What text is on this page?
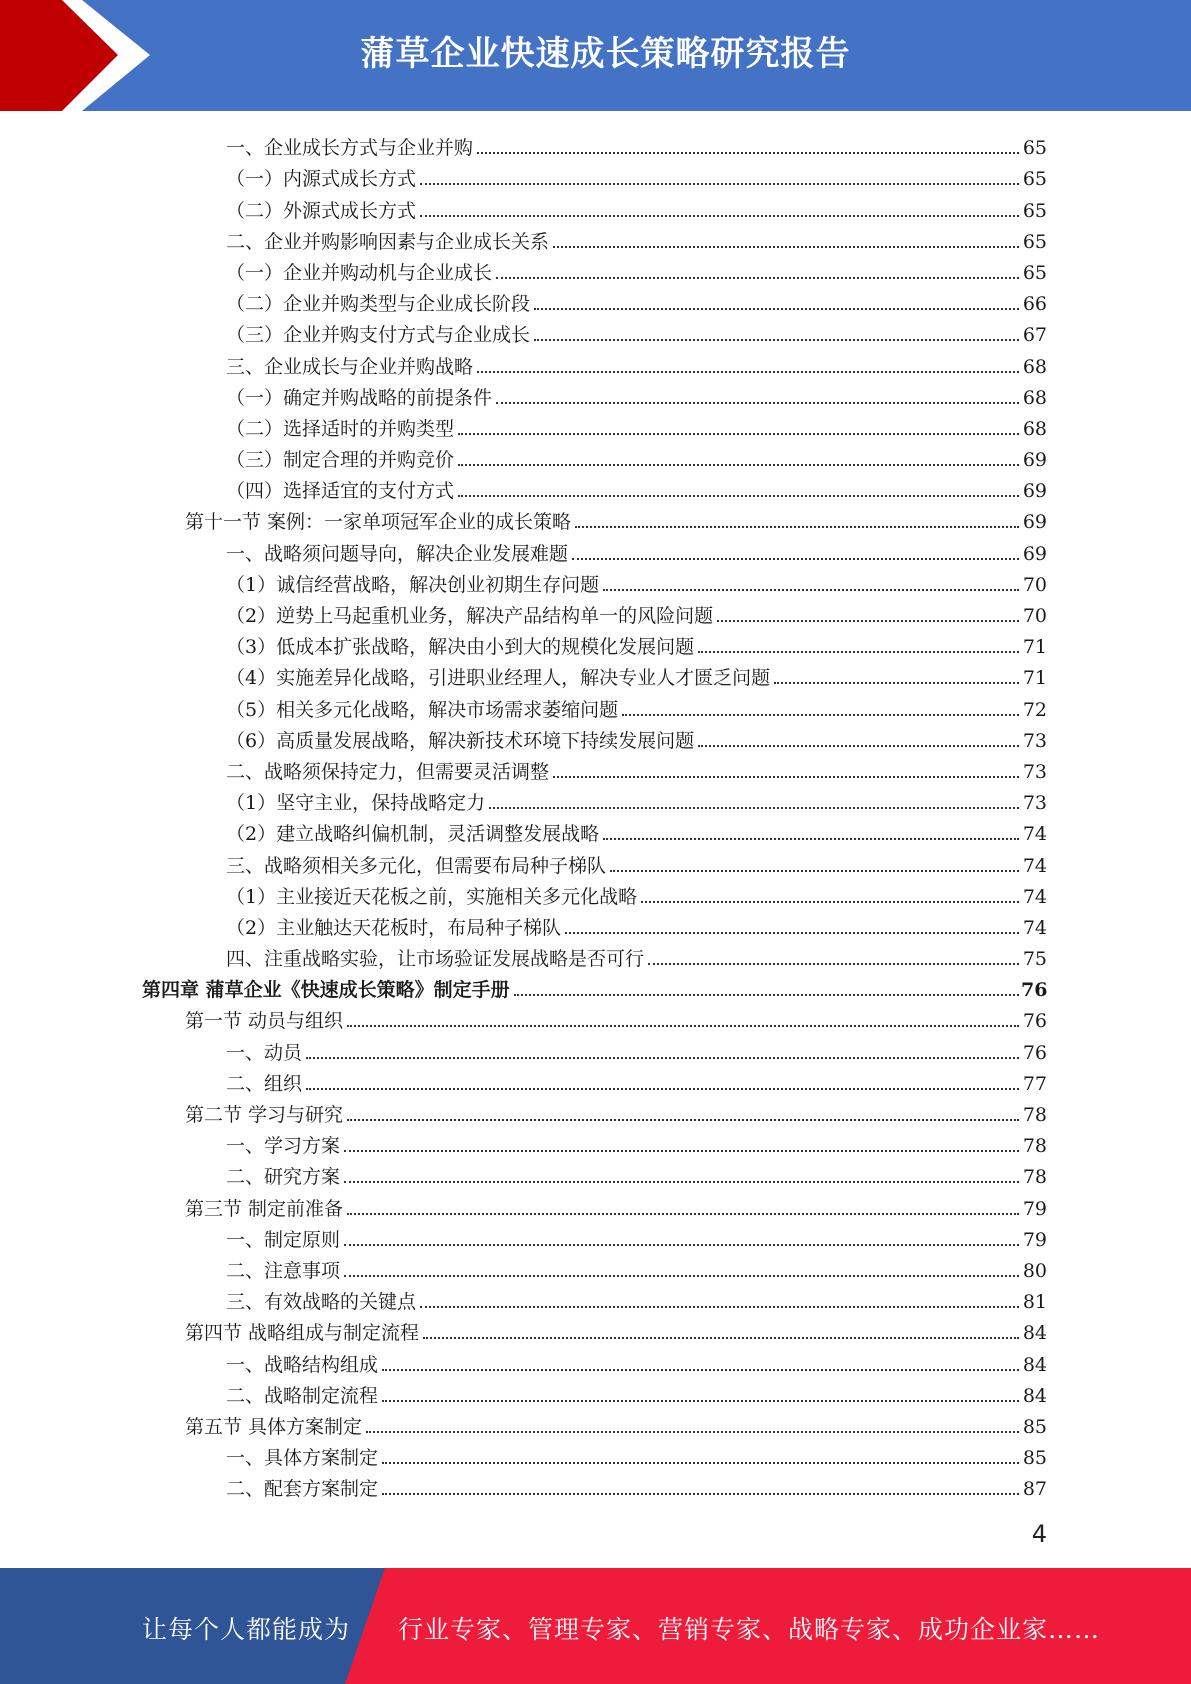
蒲草企业快速成长策略研究报告
一、企业成长方式与企业并购	65
（一）内源式成长方式	65
（二）外源式成长方式	65
二、企业并购影响因素与企业成长关系	65
（一）企业并购动机与企业成长	65
（二）企业并购类型与企业成长阶段	66
（三）企业并购支付方式与企业成长	67
三、企业成长与企业并购战略	68
（一）确定并购战略的前提条件	68
（二）选择适时的并购类型	68
（三）制定合理的并购竞价	69
（四）选择适宜的支付方式	69
第十一节 案例：一家单项冠军企业的成长策略	69
一、战略须问题导向，解决企业发展难题	69
（1）诚信经营战略，解决创业初期生存问题	70
（2）逆势上马起重机业务，解决产品结构单一的风险问题	70
（3）低成本扩张战略，解决由小到大的规模化发展问题	71
（4）实施差异化战略，引进职业经理人，解决专业人才匮乏问题	71
（5）相关多元化战略，解决市场需求萎缩问题	72
（6）高质量发展战略，解决新技术环境下持续发展问题	73
二、战略须保持定力，但需要灵活调整	73
（1）坚守主业，保持战略定力	73
（2）建立战略纠偏机制，灵活调整发展战略	74
三、战略须相关多元化，但需要布局种子梯队	74
（1）主业接近天花板之前，实施相关多元化战略	74
（2）主业触达天花板时，布局种子梯队	74
四、注重战略实验，让市场验证发展战略是否可行	75
第四章 蒲草企业《快速成长策略》制定手册	76
第一节 动员与组织	76
一、动员	76
二、组织	77
第二节 学习与研究	78
一、学习方案	78
二、研究方案	78
第三节 制定前准备	79
一、制定原则	79
二、注意事项	80
三、有效战略的关键点	81
第四节 战略组成与制定流程	84
一、战略结构组成	84
二、战略制定流程	84
第五节 具体方案制定	85
一、具体方案制定	85
二、配套方案制定	87
4
让每个人都能成为 行业专家、管理专家、营销专家、战略专家、成功企业家……
